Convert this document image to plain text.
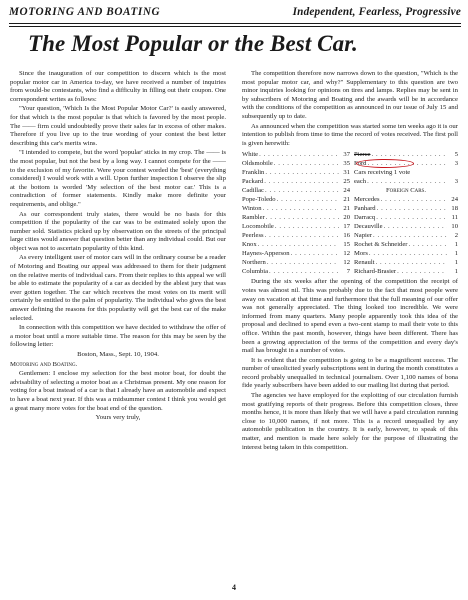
MOTORING AND BOATING	Independent, Fearless, Progressive
The Most Popular or the Best Car.

Since the inauguration of our competition to discern which is the most popular motor car in America to-day, we have received a number of inquiries from would-be contestants, who find a difficulty in filling out their coupon. One correspondent writes as follows:

"Your question, 'Which Is the Most Popular Motor Car?' is easily answered, for that which is the most popular is that which is favored by the most people. The —— firm could undoubtedly prove their sales far in excess of other makes. Therefore if you live up to the true wording of your contest the best letter describing this car's merits wins.

"I intended to compete, but the word 'popular' sticks in my crop. The —— is the most popular, but not the best by a long way. I cannot compete for the —— to the exclusion of my favorite. Were your contest worded the 'best' (everything considered) I would work with a will. Upon further inspection I observe the slip at the bottom is worded 'My selection of the best motor car.' This is a contradiction of former statements. Kindly make more definite your requirements, and oblige."

As our correspondent truly states, there would be no basis for this competition if the popularity of the car was to be estimated solely upon the number sold. Statistics picked up by observation on the streets of the principal large cities would answer that question better than any individual could. But our object was not to ascertain popularity of this kind.

As every intelligent user of motor cars will in the ordinary course be a reader of Motoring and Boating our appeal was addressed to them for their judgment on the relative merits of individual cars. From their replies to this appeal we will be able to estimate the popularity of a car as decided by the ablest jury that was ever gotten together. The car which receives the most votes on its merit will certainly be entitled to the palm of popularity. The individual who gives the best answer defining the reasons for this popularity will get the best car of the make selected.

In connection with this competition we have decided to withdraw the offer of a motor boat until a more suitable time. The reason for this may be seen by the following letter:

Boston, Mass., Sept. 10, 1904.

Motoring and Boating.

Gentlemen: I enclose my selection for the best motor boat, for doubt the advisability of selecting a motor boat as a Christmas present. My one reason for voting for a boat instead of a car is that I already have an automobile and expect to have a boat next year. If this was a midsummer contest I think you would get a great many more votes for the boat end of the question.

Yours very truly,

The competition therefore now narrows down to the question, "Which is the most popular motor car, and why?" Supplementary to this question are two minor inquiries looking for opinions on tires and lamps. Replies may be sent in by subscribers of Motoring and Boating and the awards will be in accordance with the conditions of the competition as announced in our issue of July 15 and subsequently up to date.

As announced when the competition was started some ten weeks ago it is our intention to publish from time to time the record of votes received. The first poll is given herewith:

White . . .	37 Pierce . . .	5
Oldsmobile . . .	35 Ford . . .	3
Franklin . . .	31 Cars receiving 1 vote
Packard . . .	25 each . . .	3
Cadillac . . .	24	Foreign Cars.
Pope-Toledo . . .	21 Mercedes . . .	24
Winton . . .	21 Panhard . . .	18
Rambler . . .	20 Darracq . . .	11
Locomobile . . .	17 Decauville . . .	10
Peerless . . .	16 Napier . . .	2
Knox . . .	15 Rochet & Schneider . . .	1
Haynes-Apperson . . .	12 Mors . . .	1
Northern . . .	12 Renault . . .	1
Columbia . . .	7 Richard-Brasier . . .	1

During the six weeks after the opening of the competition the receipt of votes was almost nil. This was probably due to the fact that most people were away on vacation at that time and furthermore that the full meaning of our offer was not generally appreciated. The thing looked too incredible. We were informed from many quarters. Many people apparently took this idea of the proposal and declined to spend even a two-cent stamp to mail their vote to this office. Within the past month, however, things have been different. There has been a growing appreciation of the terms of the competition and every day's mail has brought in a number of votes.

It is evident that the competition is going to be a magnificent success. The number of unsolicited yearly subscriptions sent in during the month constitutes a record probably unequalled in technical journalism. Over 1,100 names of bona fide yearly subscribers have been added to our mailing list during that period.

The agencies we have employed for the exploiting of our circulation furnish most gratifying reports of their progress. Before this competition closes, three months hence, it is more than likely that we will have a paid circulation running close to 10,000 names, if not more. This is a record unequalled by any automobile publication in the country. It is early, however, to speak of this matter, and mention is made here solely for the purpose of illustrating the interest being taken in this competition.

4
